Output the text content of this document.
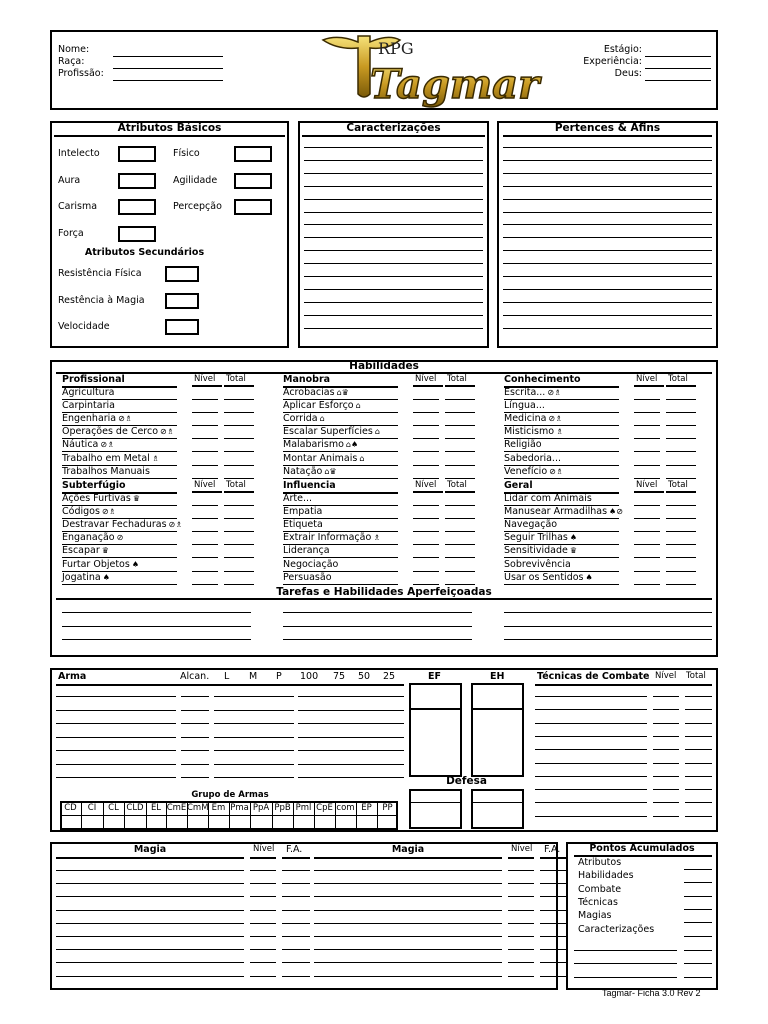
Nome:
Raça:
Profissão:
Estágio:
Experiência:
Deus:
RPG
Tagmar
Atributos Básicos
Intelecto
Aura
Carisma
Força
Físico
Agilidade
Percepção
Resistência Física
Restência à Magia
Velocidade
Atributos Secundários
Caracterizações	Pertences & Afins
Habilidades
Profissional	Nível Total
Agricultura
Carpintaria
Engenharia ⊘♗
Operações de Cerco ⊘♗
Náutica ⊘♗
Trabalho em Metal ♗
Trabalhos Manuais
Manobra	Nível Total
Acrobacias ⌂♛
Aplicar Esforço ⌂
Corrida ⌂
Escalar Superfícies ⌂
Malabarismo ⌂♠
Montar Animais ⌂
Natação ⌂♛
Conhecimento	Nível Total
Escrita... ⊘♗
Língua...
Medicina ⊘♗
Misticismo ♗
Religião
Sabedoria...
Venefício ⊘♗
Subterfúgio	Nível Total
Ações Furtivas ♛
Códigos ⊘♗
Destravar Fechaduras ⊘♗
Enganação ⊘
Escapar ♛
Furtar Objetos ♠
Jogatina ♠
Influencia	Nível Total
Arte...
Empatia
Etiqueta
Extrair Informação ♗
Liderança
Negociação
Persuasão
Geral	Nível Total
Lidar com Animais
Manusear Armadilhas ♠⊘
Navegação
Seguir Trilhas ♠
Sensitividade ♛
Sobrevivência
Usar os Sentidos ♠
Tarefas e Habilidades Aperfeiçoadas
Arma	Alcan. L M P 100 75 50 25	EF	EH
Defesa
Grupo de Armas
CD	CI	CL CLD EL CmE CmM Em Pma PpA PpB Pml CpE com EP	PP
Técnicas de Combate Nível Total
Magia	Nível F.A.	Magia	Nível F.A.	Pontos Acumulados
Atributos
Habilidades
Combate
Técnicas
Magias
Caracterizações
Tagmar- Ficha 3.0 Rev 2
